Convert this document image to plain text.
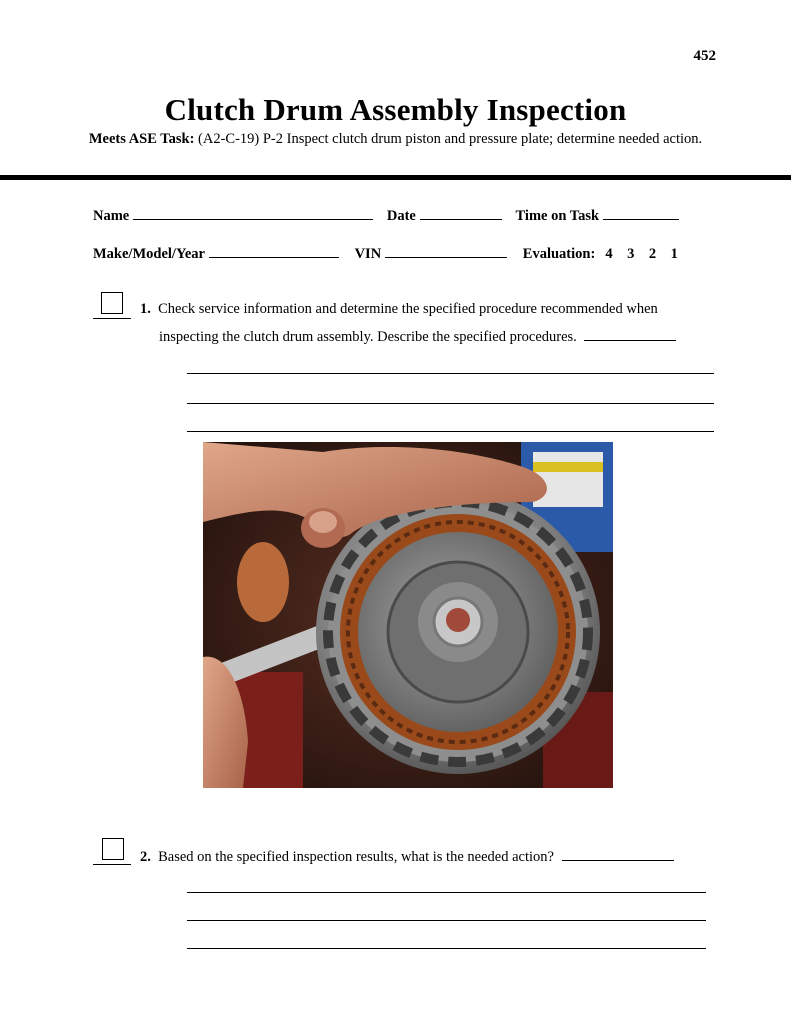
452
Clutch Drum Assembly Inspection
Meets ASE Task: (A2-C-19) P-2 Inspect clutch drum piston and pressure plate; determine needed action.
Name	Date	Time on Task
Make/Model/Year	VIN	Evaluation: 4    3    2    1
1. Check service information and determine the specified procedure recommended when
inspecting the clutch drum assembly. Describe the specified procedures.
2. Based on the specified inspection results, what is the needed action?
